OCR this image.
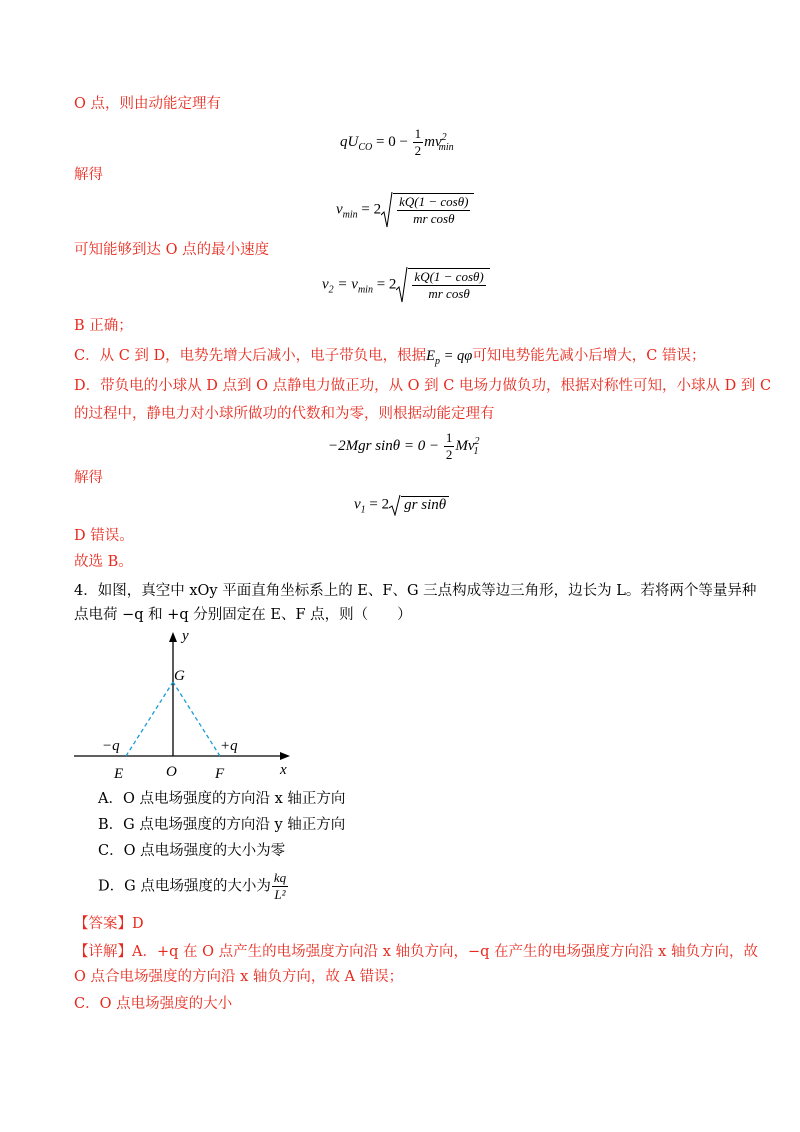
O 点，则由动能定理有
$qU_{CO} = 0 - \frac{1}{2} mv^2_{min}$
解得
$v_{min} = 2 \frac{kQ(1 - \cos\theta)}{\text{mr cosθ}}$
可知能够到达 O 点的最小速度
$v_2 = v_{min} = 2 \frac{kQ(1 - \cos\theta)}{\text{mr cosθ}}$
B 正确；
C．从 C 到 D，电势先增大后减小，电子带负电，根据$E_p = q\varphi$可知电势能先减小后增大，C 错误；
D．带负电的小球从 D 点到 O 点静电力做正功，从 O 到 C 电场力做负功，根据对称性可知，小球从 D 到 C
的过程中，静电力对小球所做功的代数和为零，则根据动能定理有
−2Mgr $\sin\theta = 0 - \frac{1}{2} Mv^2_1$
解得
$v_1 = 2$ gr sinθ
D 错误。
故选 B。
4．如图，真空中 xOy 平面直角坐标系上的 E、F、G 三点构成等边三角形，边长为 L。若将两个等量异种
点电荷 −q 和 +q 分别固定在 E、F 点，则（　　）
y
G
−q	+q
E	O	F	x
A．O 点电场强度的方向沿 x 轴正方向
B．G 点电场强度的方向沿 y 轴正方向
C．O 点电场强度的大小为零
D．G 点电场强度的大小为 $\frac{kq}{\text{L²}}$
【答案】D
【详解】A．+q 在 O 点产生的电场强度方向沿 x 轴负方向，−q 在产生的电场强度方向沿 x 轴负方向，故
O 点合电场强度的方向沿 x 轴负方向，故 A 错误；
C．O 点电场强度的大小
